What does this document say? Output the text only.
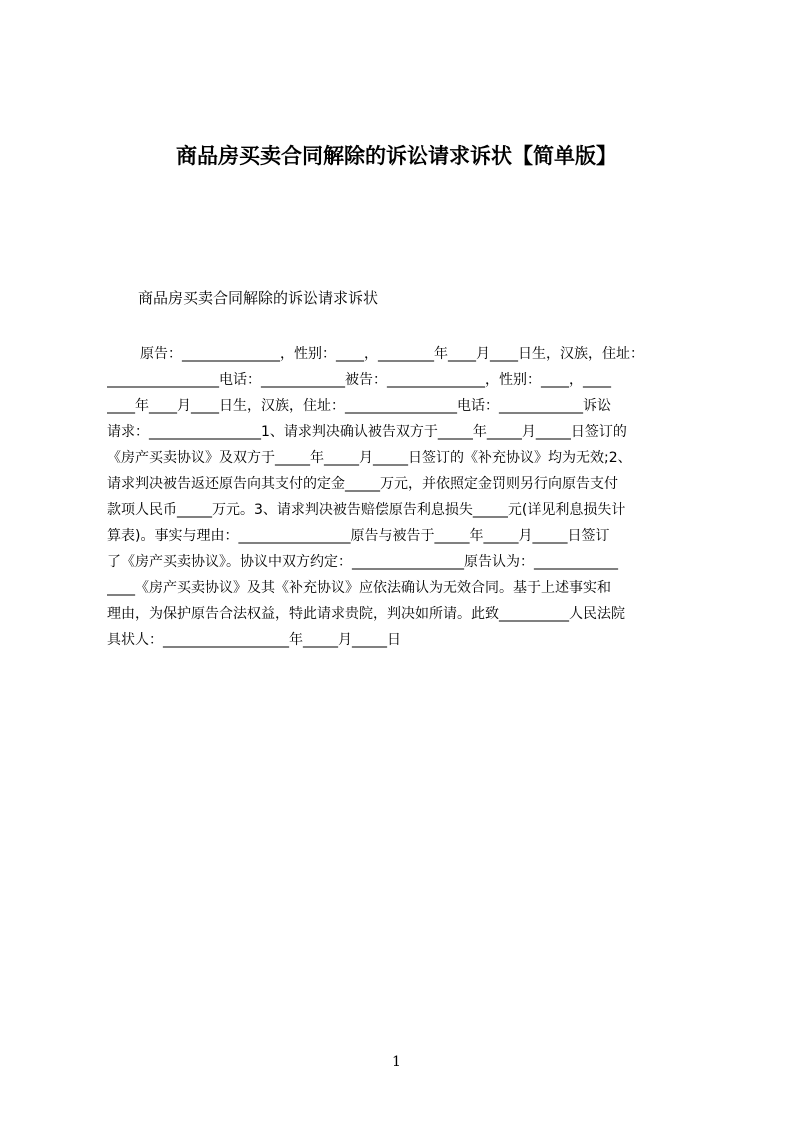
商品房买卖合同解除的诉讼请求诉状【简单版】
商品房买卖合同解除的诉讼请求诉状
原告：______________，性别：____，________年____月____日生，汉族，住址：
________________电话：____________被告：______________，性别：____，____
____年____月____日生，汉族，住址：________________电话：____________诉讼
请求：________________1、请求判决确认被告双方于_____年_____月_____日签订的
《房产买卖协议》及双方于_____年_____月_____日签订的《补充协议》均为无效;2、
请求判决被告返还原告向其支付的定金_____万元，并依照定金罚则另行向原告支付
款项人民币_____万元。3、请求判决被告赔偿原告利息损失_____元(详见利息损失计
算表)。事实与理由：________________原告与被告于_____年_____月_____日签订
了《房产买卖协议》。协议中双方约定：________________原告认为：____________
____《房产买卖协议》及其《补充协议》应依法确认为无效合同。基于上述事实和
理由，为保护原告合法权益，特此请求贵院，判决如所请。此致__________人民法院
具状人：__________________年_____月_____日
1
